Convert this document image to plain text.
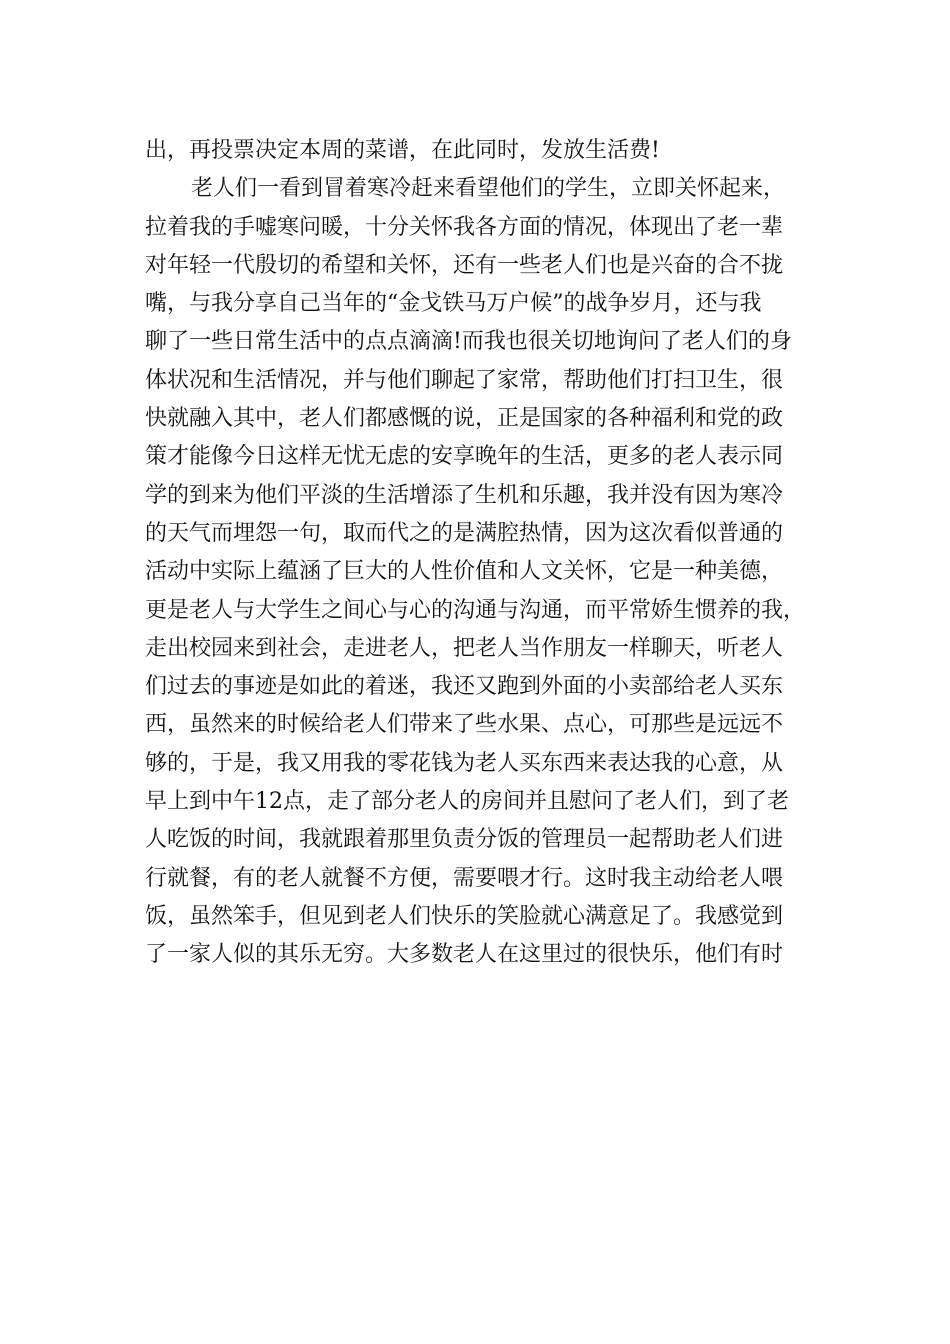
出，再投票决定本周的菜谱，在此同时，发放生活费!
老人们一看到冒着寒冷赶来看望他们的学生，立即关怀起来，
拉着我的手嘘寒问暖，十分关怀我各方面的情况，体现出了老一辈
对年轻一代殷切的希望和关怀，还有一些老人们也是兴奋的合不拢
嘴，与我分享自己当年的“金戈铁马万户候”的战争岁月，还与我
聊了一些日常生活中的点点滴滴!而我也很关切地询问了老人们的身
体状况和生活情况，并与他们聊起了家常，帮助他们打扫卫生，很
快就融入其中，老人们都感慨的说，正是国家的各种福利和党的政
策才能像今日这样无忧无虑的安享晚年的生活，更多的老人表示同
学的到来为他们平淡的生活增添了生机和乐趣，我并没有因为寒冷
的天气而埋怨一句，取而代之的是满腔热情，因为这次看似普通的
活动中实际上蕴涵了巨大的人性价值和人文关怀，它是一种美德，
更是老人与大学生之间心与心的沟通与沟通，而平常娇生惯养的我，
走出校园来到社会，走进老人，把老人当作朋友一样聊天，听老人
们过去的事迹是如此的着迷，我还又跑到外面的小卖部给老人买东
西，虽然来的时候给老人们带来了些水果、点心，可那些是远远不
够的，于是，我又用我的零花钱为老人买东西来表达我的心意，从
早上到中午12点，走了部分老人的房间并且慰问了老人们，到了老
人吃饭的时间，我就跟着那里负责分饭的管理员一起帮助老人们进
行就餐，有的老人就餐不方便，需要喂才行。这时我主动给老人喂
饭，虽然笨手，但见到老人们快乐的笑脸就心满意足了。我感觉到
了一家人似的其乐无穷。大多数老人在这里过的很快乐，他们有时
